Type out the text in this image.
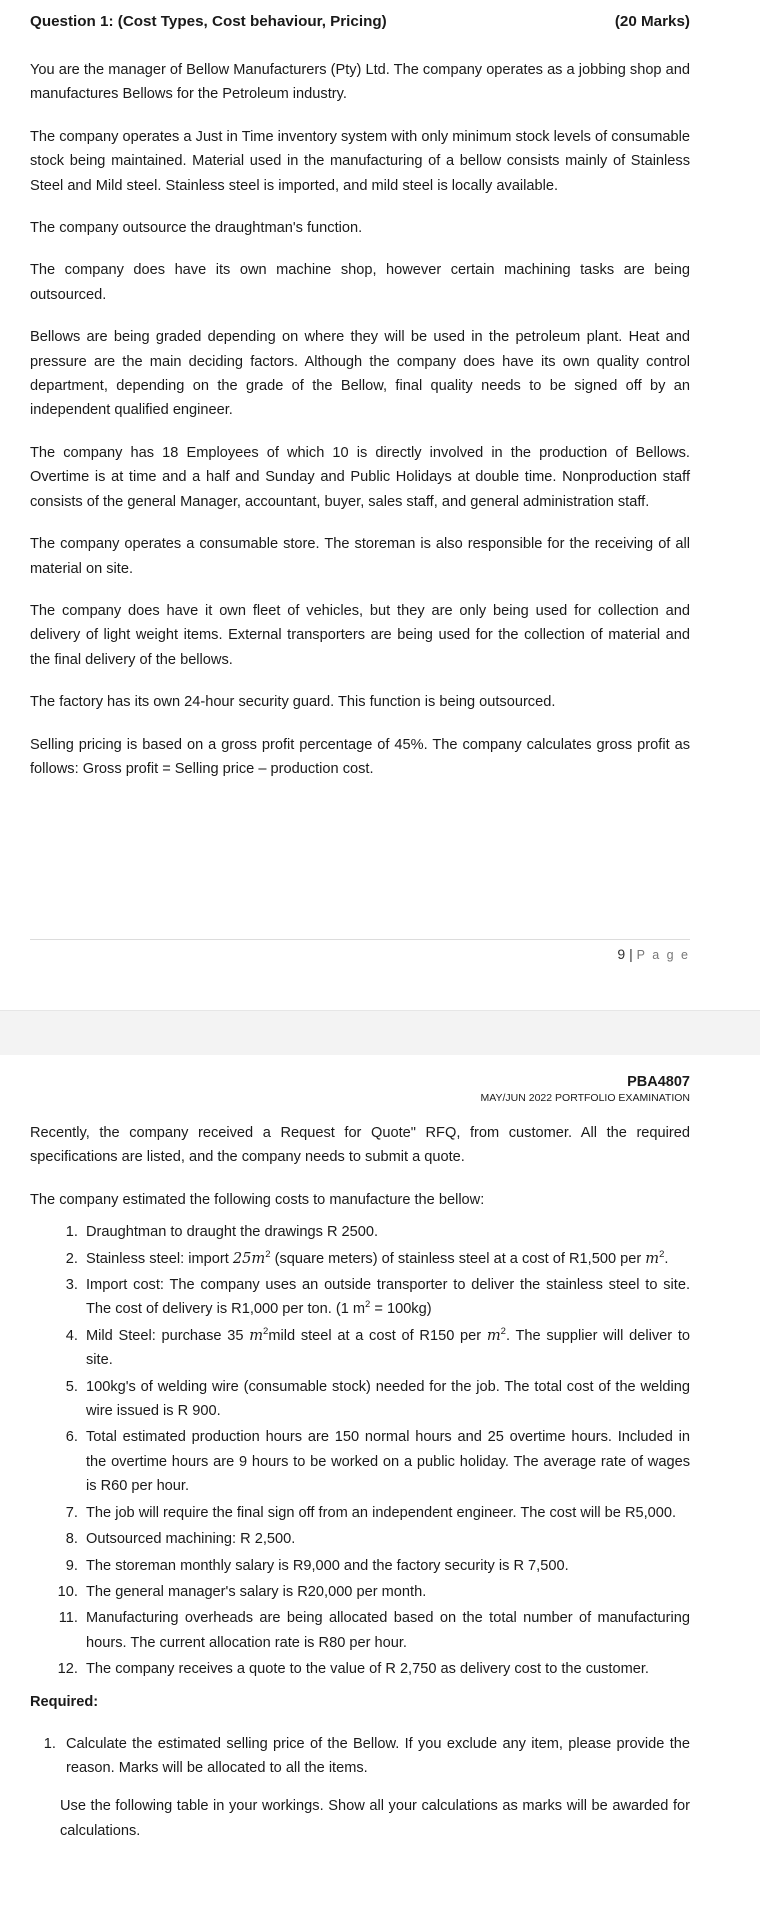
Question 1: (Cost Types, Cost behaviour, Pricing)	(20 Marks)

You are the manager of Bellow Manufacturers (Pty) Ltd. The company operates as a jobbing shop and manufactures Bellows for the Petroleum industry.

The company operates a Just in Time inventory system with only minimum stock levels of consumable stock being maintained. Material used in the manufacturing of a bellow consists mainly of Stainless Steel and Mild steel. Stainless steel is imported, and mild steel is locally available.

The company outsource the draughtman's function.

The company does have its own machine shop, however certain machining tasks are being outsourced.

Bellows are being graded depending on where they will be used in the petroleum plant. Heat and pressure are the main deciding factors. Although the company does have its own quality control department, depending on the grade of the Bellow, final quality needs to be signed off by an independent qualified engineer.

The company has 18 Employees of which 10 is directly involved in the production of Bellows. Overtime is at time and a half and Sunday and Public Holidays at double time. Nonproduction staff consists of the general Manager, accountant, buyer, sales staff, and general administration staff.

The company operates a consumable store. The storeman is also responsible for the receiving of all material on site.

The company does have it own fleet of vehicles, but they are only being used for collection and delivery of light weight items. External transporters are being used for the collection of material and the final delivery of the bellows.

The factory has its own 24-hour security guard. This function is being outsourced.

Selling pricing is based on a gross profit percentage of 45%. The company calculates gross profit as follows: Gross profit = Selling price – production cost.

9 | P a g e
PBA4807
MAY/JUN 2022 PORTFOLIO EXAMINATION

Recently, the company received a Request for Quote" RFQ, from customer. All the required specifications are listed, and the company needs to submit a quote.

The company estimated the following costs to manufacture the bellow:

1. Draughtman to draught the drawings R 2500.
2. Stainless steel: import $25m^2$ (square meters) of stainless steel at a cost of R1,500 per $m^2$.
3. Import cost: The company uses an outside transporter to deliver the stainless steel to site. The cost of delivery is R1,000 per ton. (1 $m^2 = 100kg$)
4. Mild Steel: purchase 35 $m^2mild$ steel at a cost of R150 per $m^2$. The supplier will deliver to site.
5. 100kg's of welding wire (consumable stock) needed for the job. The total cost of the welding wire issued is R 900.
6. Total estimated production hours are 150 normal hours and 25 overtime hours. Included in the overtime hours are 9 hours to be worked on a public holiday. The average rate of wages is R60 per hour.
7. The job will require the final sign off from an independent engineer. The cost will be R5,000.
8. Outsourced machining: R 2,500.
9. The storeman monthly salary is R9,000 and the factory security is R 7,500.
10. The general manager's salary is R20,000 per month.
11. Manufacturing overheads are being allocated based on the total number of manufacturing hours. The current allocation rate is R80 per hour.
12. The company receives a quote to the value of R 2,750 as delivery cost to the customer.
Required:
1. Calculate the estimated selling price of the Bellow. If you exclude any item, please provide the reason. Marks will be allocated to all the items.

Use the following table in your workings. Show all your calculations as marks will be awarded for calculations.
